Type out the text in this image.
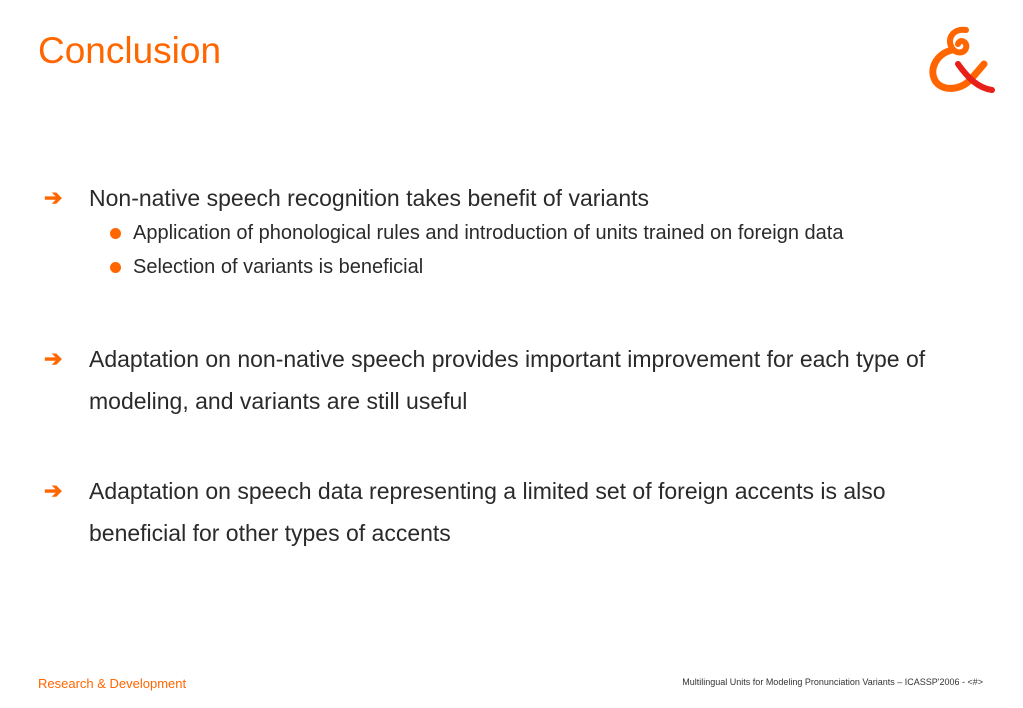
Conclusion
➔	Non-native speech recognition takes benefit of variants
Application of phonological rules and introduction of units trained on foreign data
Selection of variants is beneficial
➔	Adaptation on non-native speech provides important improvement for each type of modeling, and variants are still useful
➔	Adaptation on speech data representing a limited set of foreign accents is also beneficial for other types of accents
Research & Development	Multilingual Units for Modeling Pronunciation Variants – ICASSP'2006 - <#>
